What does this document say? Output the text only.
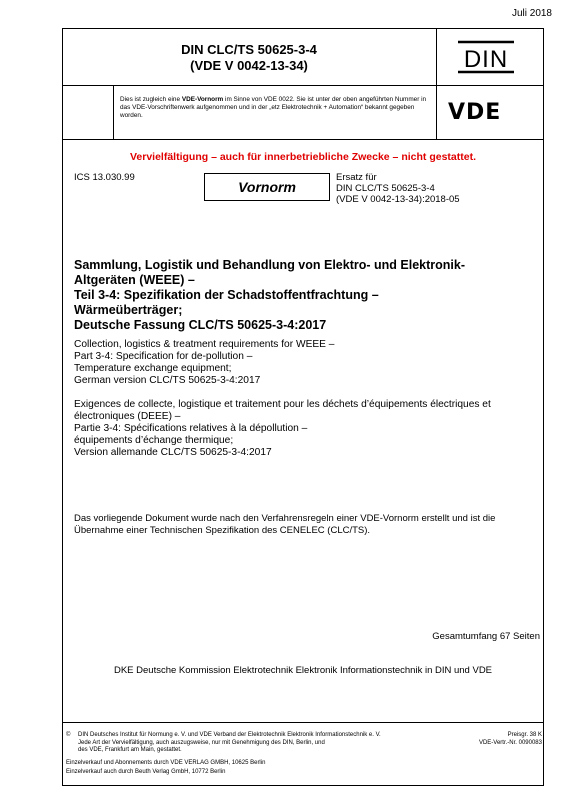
Juli 2018
DIN CLC/TS 50625-3-4
(VDE V 0042-13-34)	DIN
Dies ist zugleich eine VDE-Vornorm im Sinne von VDE 0022. Sie ist unter der oben angeführten Nummer in das VDE-Vorschriftenwerk aufgenommen und in der „etz Elektrotechnik + Automation“ bekannt gegeben worden.	VDE
Vervielfältigung – auch für innerbetriebliche Zwecke – nicht gestattet.
ICS 13.030.99
Vornorm
Ersatz für
DIN CLC/TS 50625-3-4
(VDE V 0042-13-34):2018-05
Sammlung, Logistik und Behandlung von Elektro- und Elektronik-
Altgeräten (WEEE) –
Teil 3-4: Spezifikation der Schadstoffentfrachtung –
Wärmeüberträger;
Deutsche Fassung CLC/TS 50625-3-4:2017
Collection, logistics & treatment requirements for WEEE –
Part 3-4: Specification for de-pollution –
Temperature exchange equipment;
German version CLC/TS 50625-3-4:2017
Exigences de collecte, logistique et traitement pour les déchets d’équipements électriques et
électroniques (DEEE) –
Partie 3-4: Spécifications relatives à la dépollution –
équipements d’échange thermique;
Version allemande CLC/TS 50625-3-4:2017
Das vorliegende Dokument wurde nach den Verfahrensregeln einer VDE-Vornorm erstellt und ist die Übernahme einer Technischen Spezifikation des CENELEC (CLC/TS).
Gesamtumfang 67 Seiten
DKE Deutsche Kommission Elektrotechnik Elektronik Informationstechnik in DIN und VDE
© DIN Deutsches Institut für Normung e. V. und VDE Verband der Elektrotechnik Elektronik Informationstechnik e. V.
Jede Art der Vervielfältigung, auch auszugsweise, nur mit Genehmigung des DIN, Berlin, und
des VDE, Frankfurt am Main, gestattet.
Preisgr. 38 K
VDE-Vertr.-Nr. 0090083
Einzelverkauf und Abonnements durch VDE VERLAG GMBH, 10625 Berlin
Einzelverkauf auch durch Beuth Verlag GmbH, 10772 Berlin
